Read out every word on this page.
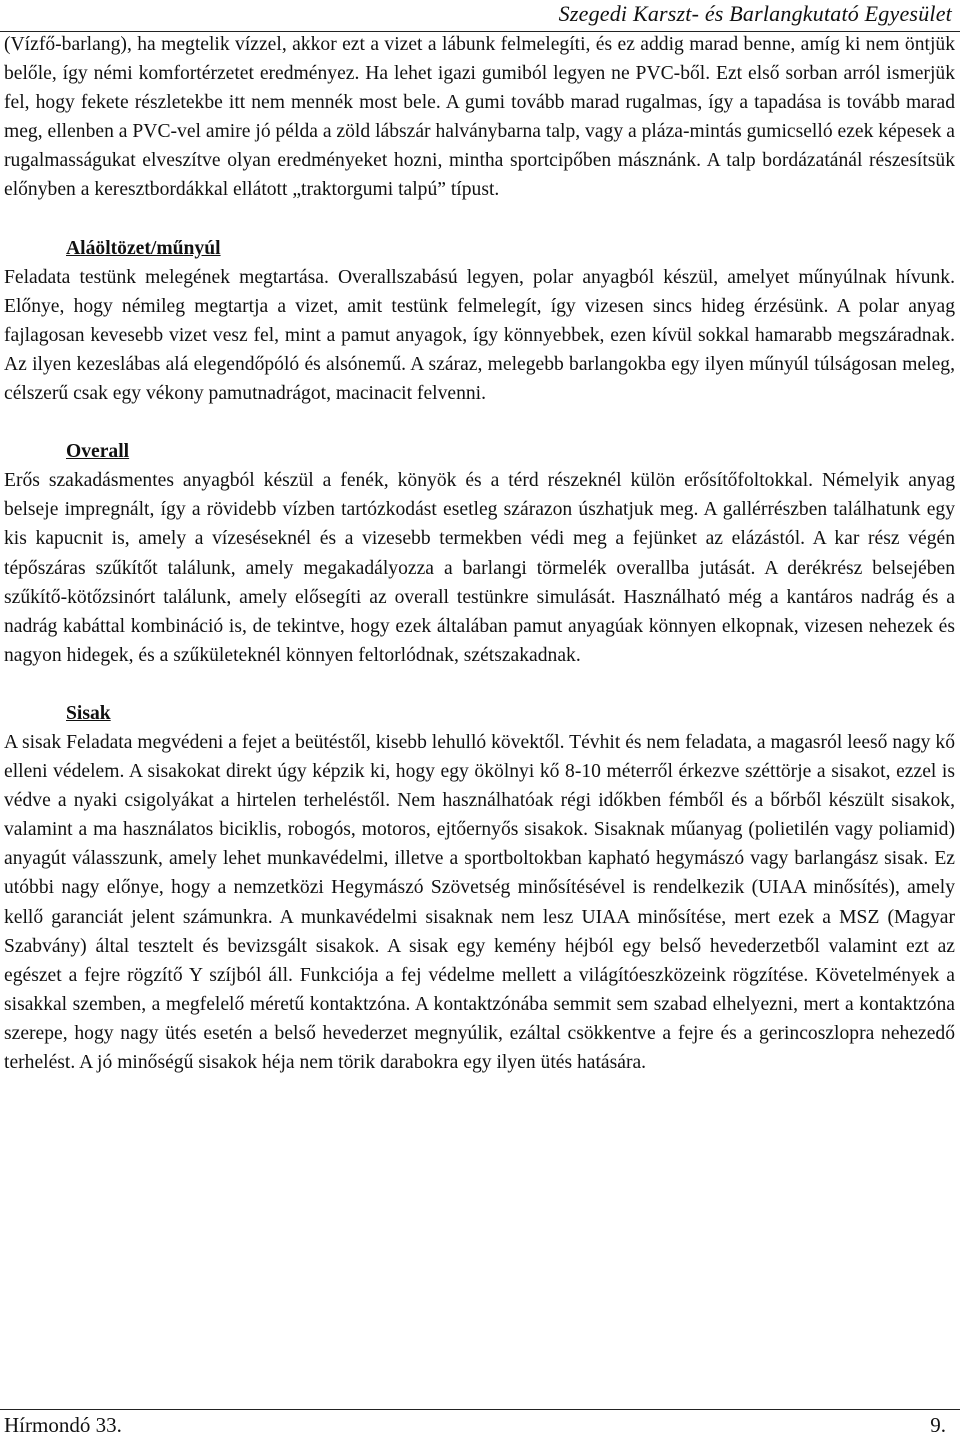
Szegedi Karszt- és Barlangkutató Egyesület

(Vízfő-barlang), ha megtelik vízzel, akkor ezt a vizet a lábunk felmelegíti, és ez addig marad benne, amíg ki nem öntjük belőle, így némi komfortérzetet eredményez. Ha lehet igazi gumiból legyen ne PVC-ből. Ezt első sorban arról ismerjük fel, hogy fekete részletekbe itt nem mennék most bele. A gumi tovább marad rugalmas, így a tapadása is tovább marad meg, ellenben a PVC-vel amire jó példa a zöld lábszár halványbarna talp, vagy a pláza-mintás gumicselló ezek képesek a rugalmasságukat elveszítve olyan eredményeket hozni, mintha sportcipőben másznánk. A talp bordázatánál részesítsük előnyben a keresztbordákkal ellátott „traktorgumi talpú” típust.

Aláöltözet/műnyúl

Feladata testünk melegének megtartása. Overallszabású legyen, polar anyagból készül, amelyet műnyúlnak hívunk. Előnye, hogy némileg megtartja a vizet, amit testünk felmelegít, így vizesen sincs hideg érzésünk. A polar anyag fajlagosan kevesebb vizet vesz fel, mint a pamut anyagok, így könnyebbek, ezen kívül sokkal hamarabb megszáradnak. Az ilyen kezeslábas alá elegendőpóló és alsónemű. A száraz, melegebb barlangokba egy ilyen műnyúl túlságosan meleg, célszerű csak egy vékony pamutnadrágot, macinacit felvenni.

Overall

Erős szakadásmentes anyagból készül a fenék, könyök és a térd részeknél külön erősítőfoltokkal. Némelyik anyag belseje impregnált, így a rövidebb vízben tartózkodást esetleg szárazon úszhatjuk meg. A gallérrészben találhatunk egy kis kapucnit is, amely a vízeséseknél és a vizesebb termekben védi meg a fejünket az elázástól. A kar rész végén tépőszáras szűkítőt találunk, amely megakadályozza a barlangi törmelék overallba jutását. A derékrész belsejében szűkítő-kötőzsinórt találunk, amely elősegíti az overall testünkre simulását. Használható még a kantáros nadrág és a nadrág kabáttal kombináció is, de tekintve, hogy ezek általában pamut anyagúak könnyen elkopnak, vizesen nehezek és nagyon hidegek, és a szűkületeknél könnyen feltorlódnak, szétszakadnak.

Sisak

A sisak Feladata megvédeni a fejet a beütéstől, kisebb lehulló kövektől. Tévhit és nem feladata, a magasról leeső nagy kő elleni védelem. A sisakokat direkt úgy képzik ki, hogy egy ökölnyi kő 8-10 méterről érkezve széttörje a sisakot, ezzel is védve a nyaki csigolyákat a hirtelen terheléstől. Nem használhatóak régi időkben fémből és a bőrből készült sisakok, valamint a ma használatos biciklis, robogós, motoros, ejtőernyős sisakok. Sisaknak műanyag (polietilén vagy poliamid) anyagút válasszunk, amely lehet munkavédelmi, illetve a sportboltokban kapható hegymászó vagy barlangász sisak. Ez utóbbi nagy előnye, hogy a nemzetközi Hegymászó Szövetség minősítésével is rendelkezik (UIAA minősítés), amely kellő garanciát jelent számunkra. A munkavédelmi sisaknak nem lesz UIAA minősítése, mert ezek a MSZ (Magyar Szabvány) által tesztelt és bevizsgált sisakok. A sisak egy kemény héjból egy belső hevederzetből valamint ezt az egészet a fejre rögzítő Y szíjból áll. Funkciója a fej védelme mellett a világítóeszközeink rögzítése. Követelmények a sisakkal szemben, a megfelelő méretű kontaktzóna. A kontaktzónába semmit sem szabad elhelyezni, mert a kontaktzóna szerepe, hogy nagy ütés esetén a belső hevederzet megnyúlik, ezáltal csökkentve a fejre és a gerincoszlopra nehezedő terhelést. A jó minőségű sisakok héja nem törik darabokra egy ilyen ütés hatására.

Hírmondó 33.	9.
